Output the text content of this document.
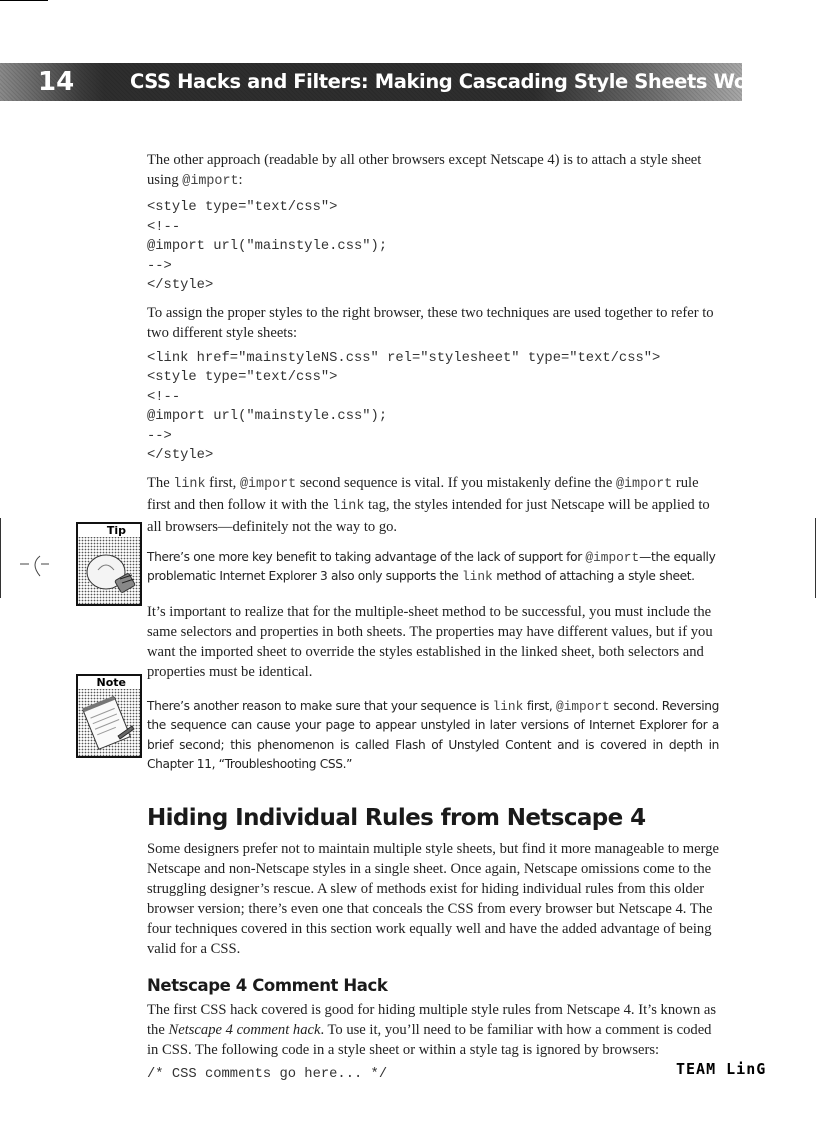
14	CSS Hacks and Filters: Making Cascading Style Sheets Work
Tip
Note

The other approach (readable by all other browsers except Netscape 4) is to attach a style sheet using @import:

<style type="text/css">
<!--
@import url("mainstyle.css");
-->
</style>

To assign the proper styles to the right browser, these two techniques are used together to refer to two different style sheets:

<link href="mainstyleNS.css" rel="stylesheet" type="text/css">
<style type="text/css">
<!--
@import url("mainstyle.css");
-->
</style>

The link first, @import second sequence is vital. If you mistakenly define the @import rule first and then follow it with the link tag, the styles intended for just Netscape will be applied to all browsers—definitely not the way to go.

There’s one more key benefit to taking advantage of the lack of support for @import—the equally problematic Internet Explorer 3 also only supports the link method of attaching a style sheet.

It’s important to realize that for the multiple-sheet method to be successful, you must include the same selectors and properties in both sheets. The properties may have different values, but if you want the imported sheet to override the styles established in the linked sheet, both selectors and properties must be identical.

There’s another reason to make sure that your sequence is link first, @import second. Reversing the sequence can cause your page to appear unstyled in later versions of Internet Explorer for a brief second; this phenomenon is called Flash of Unstyled Content and is covered in depth in Chapter 11, “Troubleshooting CSS.”

Hiding Individual Rules from Netscape 4

Some designers prefer not to maintain multiple style sheets, but find it more manageable to merge Netscape and non-Netscape styles in a single sheet. Once again, Netscape omissions come to the struggling designer’s rescue. A slew of methods exist for hiding individual rules from this older browser version; there’s even one that conceals the CSS from every browser but Netscape 4. The four techniques covered in this section work equally well and have the added advantage of being valid for a CSS.

Netscape 4 Comment Hack

The first CSS hack covered is good for hiding multiple style rules from Netscape 4. It’s known as the Netscape 4 comment hack. To use it, you’ll need to be familiar with how a comment is coded in CSS. The following code in a style sheet or within a style tag is ignored by browsers:

/* CSS comments go here... */	TEAM LinG
